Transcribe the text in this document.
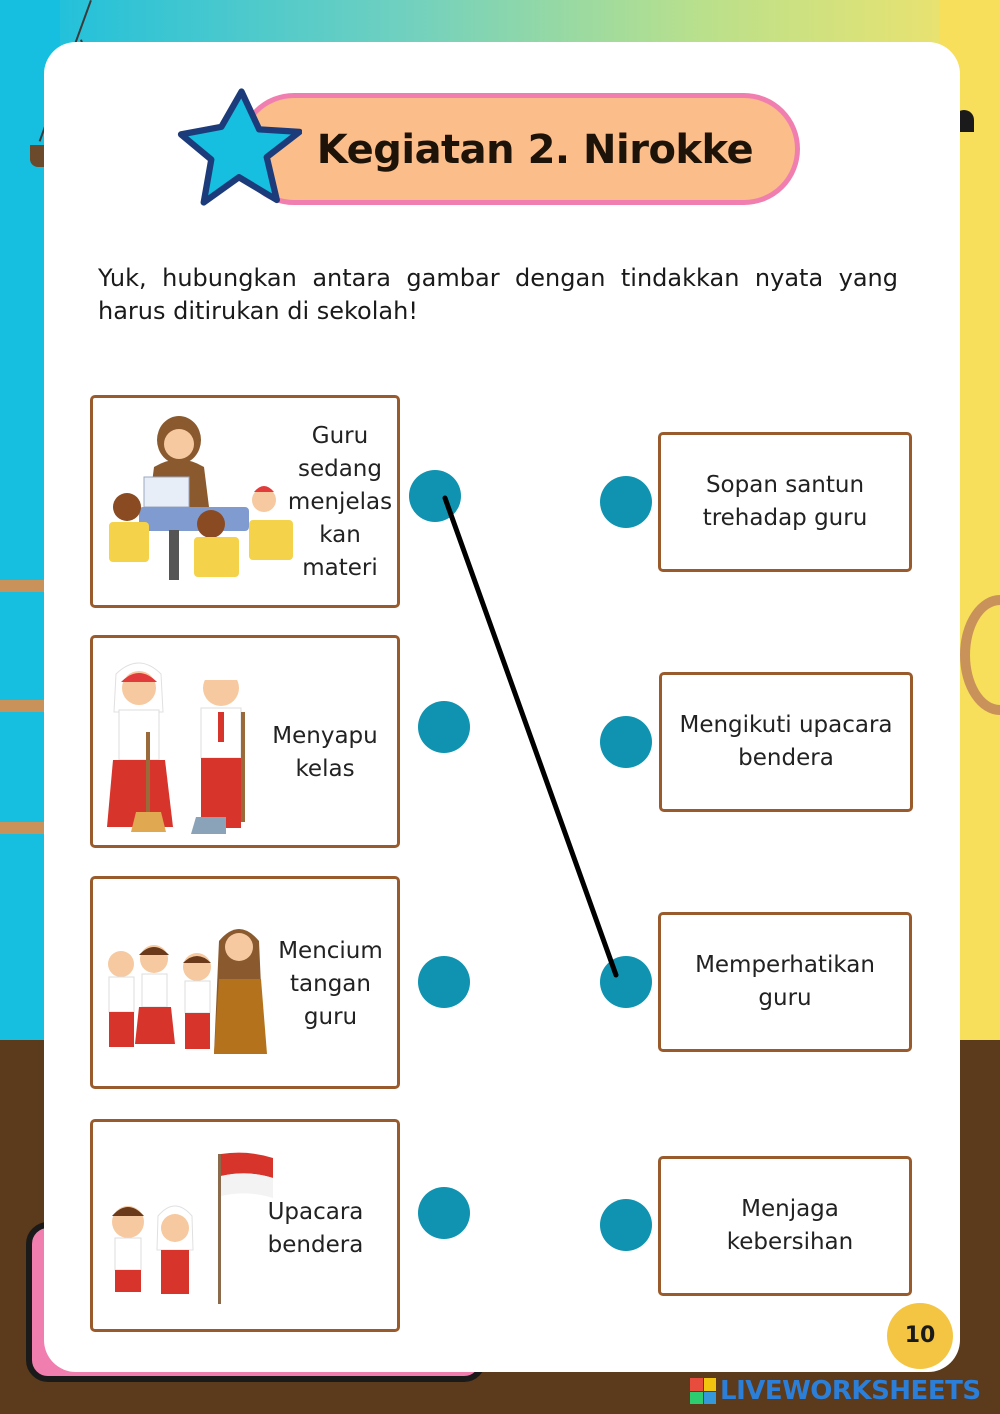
Kegiatan 2. Nirokke
Yuk, hubungkan antara gambar dengan tindakkan nyata yang harus ditirukan di sekolah!
Guru sedang menjelas kan materi
Menyapu kelas
Mencium tangan guru
Upacara bendera
Sopan santun trehadap guru
Mengikuti upacara bendera
Memperhatikan guru
Menjaga kebersihan
10
LIVEWORKSHEETS
